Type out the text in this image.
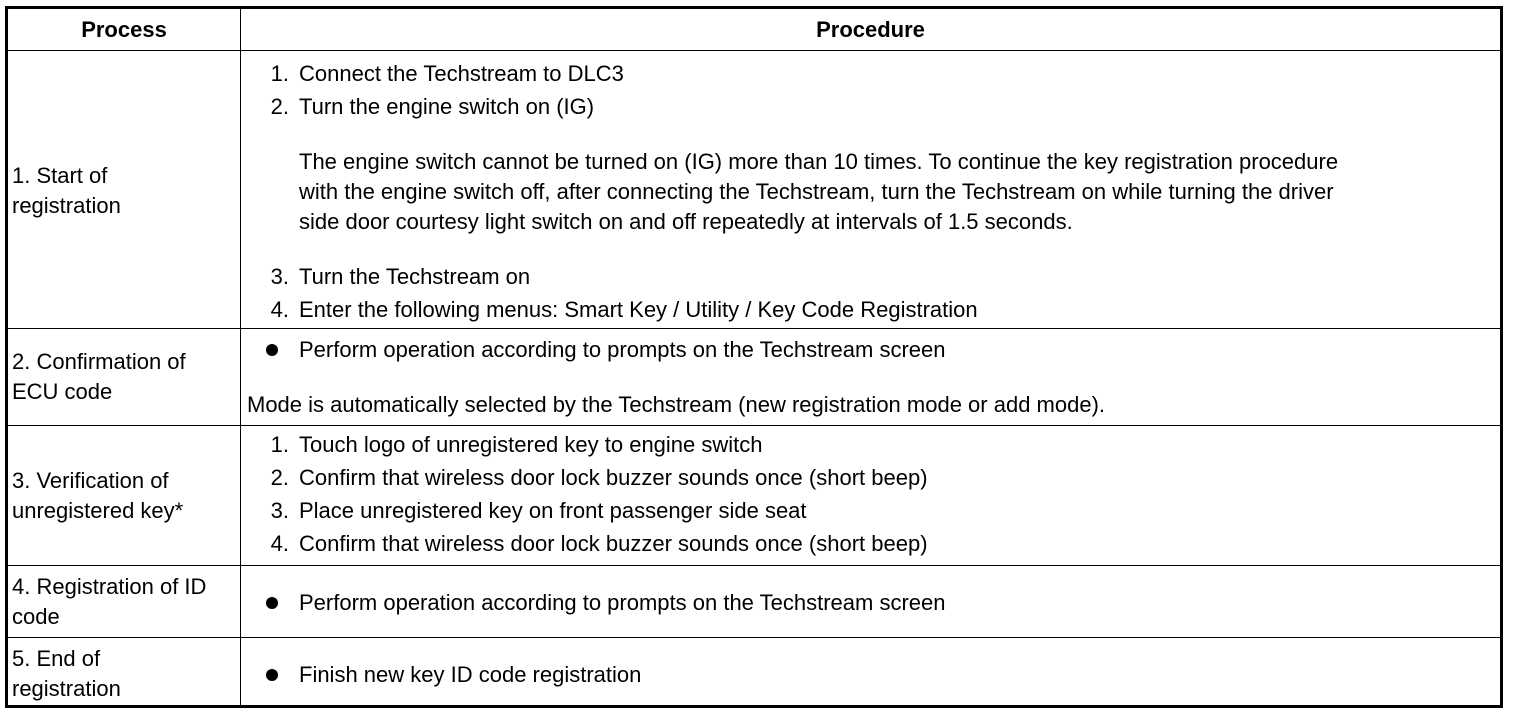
Process	Procedure
1. Start of
registration
1. Connect the Techstream to DLC3
2. Turn the engine switch on (IG)
The engine switch cannot be turned on (IG) more than 10 times. To continue the key registration procedure
with the engine switch off, after connecting the Techstream, turn the Techstream on while turning the driver
side door courtesy light switch on and off repeatedly at intervals of 1.5 seconds.
3. Turn the Techstream on
4. Enter the following menus: Smart Key / Utility / Key Code Registration
2. Confirmation of
ECU code
Perform operation according to prompts on the Techstream screen
Mode is automatically selected by the Techstream (new registration mode or add mode).
3. Verification of
unregistered key*
1. Touch logo of unregistered key to engine switch
2. Confirm that wireless door lock buzzer sounds once (short beep)
3. Place unregistered key on front passenger side seat
4. Confirm that wireless door lock buzzer sounds once (short beep)
4. Registration of ID
code
Perform operation according to prompts on the Techstream screen
5. End of
registration
Finish new key ID code registration
